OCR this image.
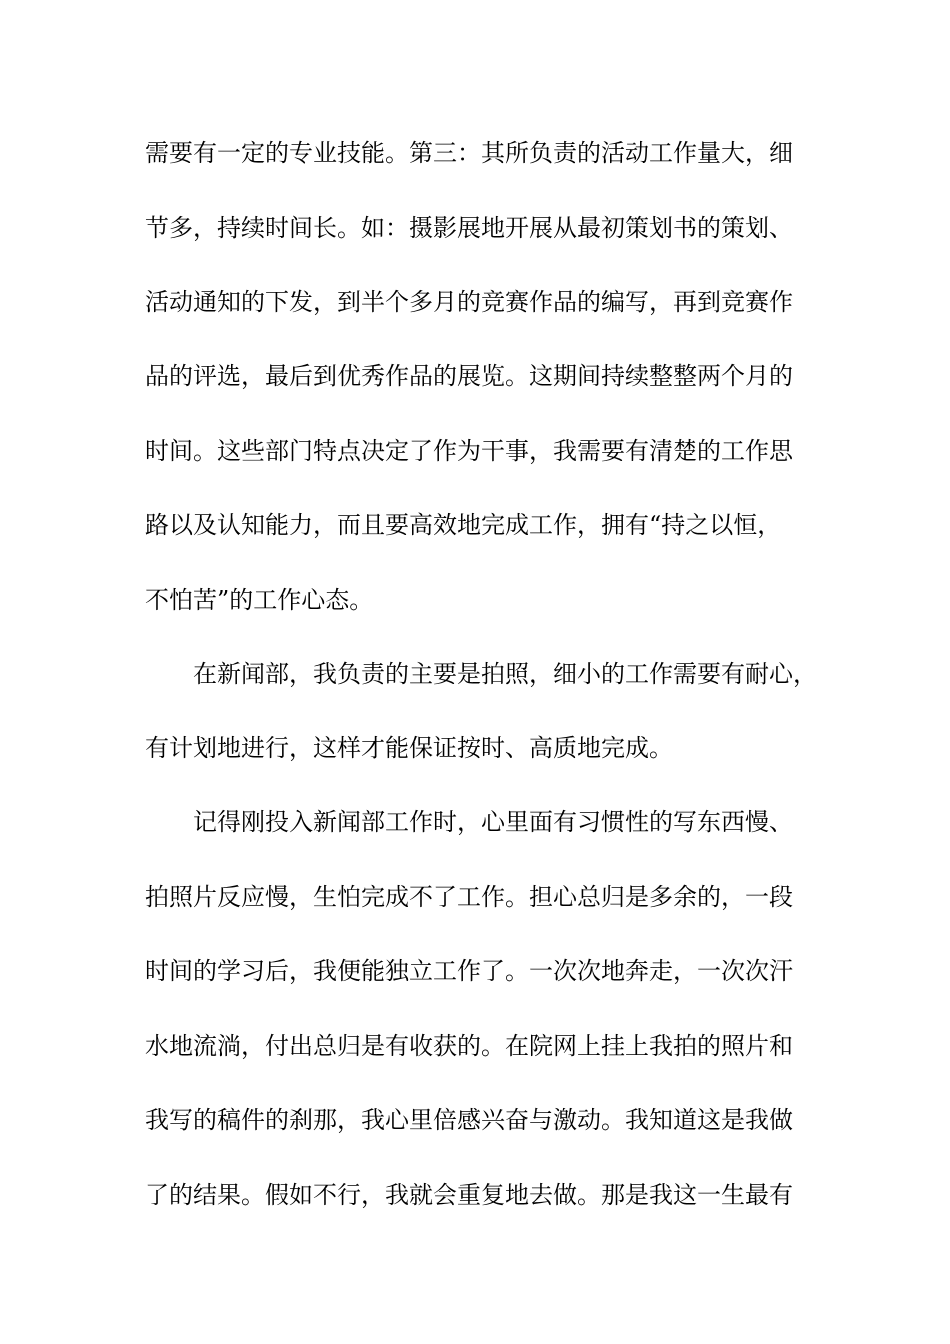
需要有一定的专业技能。第三：其所负责的活动工作量大，细
节多，持续时间长。如：摄影展地开展从最初策划书的策划、
活动通知的下发，到半个多月的竞赛作品的编写，再到竞赛作
品的评选，最后到优秀作品的展览。这期间持续整整两个月的
时间。这些部门特点决定了作为干事，我需要有清楚的工作思
路以及认知能力，而且要高效地完成工作，拥有“持之以恒，
不怕苦”的工作心态。
在新闻部，我负责的主要是拍照，细小的工作需要有耐心，
有计划地进行，这样才能保证按时、高质地完成。
记得刚投入新闻部工作时，心里面有习惯性的写东西慢、
拍照片反应慢，生怕完成不了工作。担心总归是多余的，一段
时间的学习后，我便能独立工作了。一次次地奔走，一次次汗
水地流淌，付出总归是有收获的。在院网上挂上我拍的照片和
我写的稿件的刹那，我心里倍感兴奋与激动。我知道这是我做
了的结果。假如不行，我就会重复地去做。那是我这一生最有
